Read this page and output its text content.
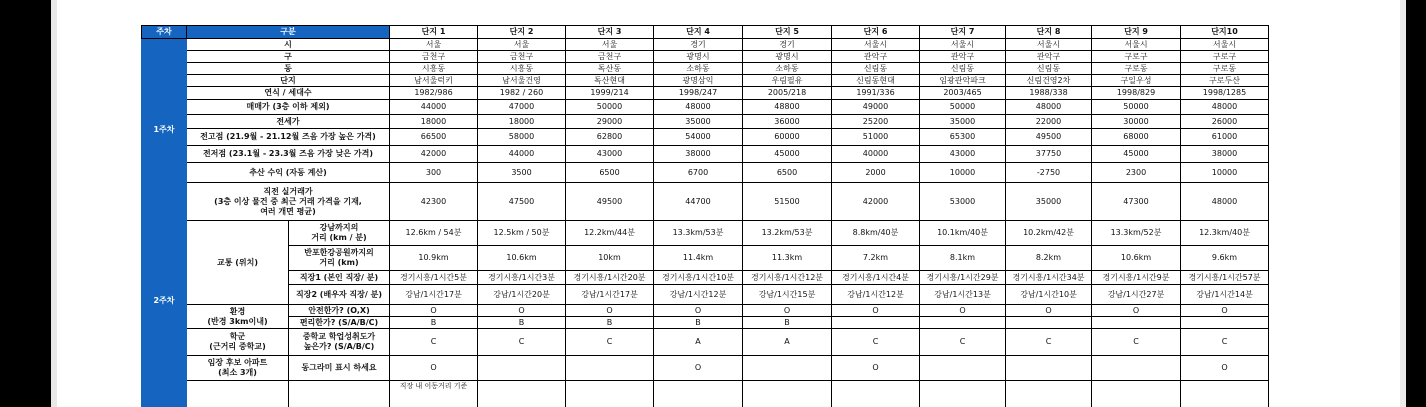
주차	구분		단지 1	단지 2	단지 3	단지 4	단지 5	단지 6	단지 7	단지 8	단지 9	단지10
1주차	시		서울	서울	서울	경기	경기	서울시	서울시	서울시	서울시	서울시
	구		금천구	금천구	금천구	광명시	광명시	관악구	관악구	관악구	구로구	구로구
	동		시흥동	시흥동	독산동	소하동	소하동	신림동	신림동	신림동	구로동	구로동
	단지		남서울럭키	남서울건영	독산현대	광명삼익	우림필유	신림동현대	임광관악파크	신림건영2차	구일우성	구로두산
	연식 / 세대수		1982/986	1982 / 260	1999/214	1998/247	2005/218	1991/336	2003/465	1988/338	1998/829	1998/1285
	매매가 (3층 이하 제외)		44000	47000	50000	48000	48800	49000	50000	48000	50000	48000
	전세가		18000	18000	29000	35000	36000	25200	35000	22000	30000	26000
	전고점 (21.9월 - 21.12월 즈음 가장 높은 가격)		66500	58000	62800	54000	60000	51000	65300	49500	68000	61000
	전저점 (23.1월 - 23.3월 즈음 가장 낮은 가격)		42000	44000	43000	38000	45000	40000	43000	37750	45000	38000
	추산 수익 (자동 계산)		300	3500	6500	6700	6500	2000	10000	-2750	2300	10000
	직전 실거래가
(3층 이상 물건 중 최근 거래 가격을 기재,
여러 개면 평균)		42300	47500	49500	44700	51500	42000	53000	35000	47300	48000
2주차	교통 (위치)	강남까지의
거리 (km / 분)	12.6km / 54분	12.5km / 50분	12.2km/44분	13.3km/53분	13.2km/53분	8.8km/40분	10.1km/40분	10.2km/42분	13.3km/52분	12.3km/40분
		반포한강공원까지의
거리 (km)	10.9km	10.6km	10km	11.4km	11.3km	7.2km	8.1km	8.2km	10.6km	9.6km
		직장1 (본인 직장/ 분)	경기시흥/1시간5분	경기시흥/1시간3분	경기시흥/1시간20분	경기시흥/1시간10분	경기시흥/1시간12분	경기시흥/1시간4분	경기시흥/1시간29분	경기시흥/1시간34분	경기시흥/1시간9분	경기시흥/1시간57분
		직장2 (배우자 직장/ 분)	강남/1시간17분	강남/1시간20분	강남/1시간17분	강남/1시간12분	강남/1시간15분	강남/1시간12분	강남/1시간13분	강남/1시간10분	강남/1시간27분	강남/1시간14분
	환경
(반경 3km이내)	안전한가? (O,X)	O	O	O	O	O	O	O	O	O	O
		편리한가? (S/A/B/C)	B	B	B	B	B					
	학군
(근거리 중학교)	중학교 학업성취도가
높은가? (S/A/B/C)	C	C	C	A	A	C	C	C	C	C
	임장 후보 아파트
(최소 3개)	동그라미 표시 하세요	O			O		O				O
			직장 내 이동거리 기준									
